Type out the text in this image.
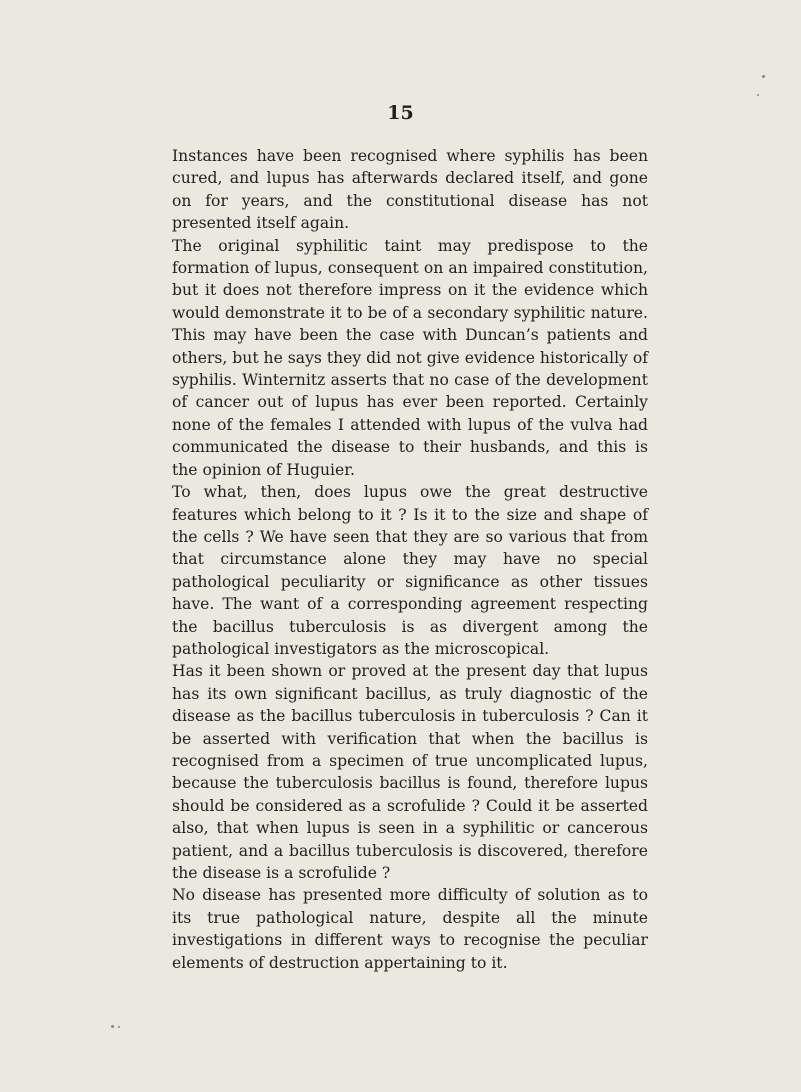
15

Instances have been recognised where syphilis has been cured, and lupus has afterwards declared itself, and gone on for years, and the constitutional disease has not presented itself again.

The original syphilitic taint may predispose to the formation of lupus, consequent on an impaired constitution, but it does not therefore impress on it the evidence which would demonstrate it to be of a secondary syphilitic nature. This may have been the case with Duncan’s patients and others, but he says they did not give evidence historically of syphilis. Winternitz asserts that no case of the development of cancer out of lupus has ever been reported. Certainly none of the females I attended with lupus of the vulva had communicated the disease to their husbands, and this is the opinion of Huguier.

To what, then, does lupus owe the great destructive features which belong to it ? Is it to the size and shape of the cells ? We have seen that they are so various that from that circumstance alone they may have no special pathological peculiarity or significance as other tissues have. The want of a corresponding agreement respecting the bacillus tuberculosis is as divergent among the pathological investigators as the microscopical.

Has it been shown or proved at the present day that lupus has its own significant bacillus, as truly diagnostic of the disease as the bacillus tuberculosis in tuberculosis ? Can it be asserted with verification that when the bacillus is recognised from a specimen of true uncomplicated lupus, because the tuberculosis bacillus is found, therefore lupus should be considered as a scrofulide ? Could it be asserted also, that when lupus is seen in a syphilitic or cancerous patient, and a bacillus tuberculosis is discovered, therefore the disease is a scrofulide ?

No disease has presented more difficulty of solution as to its true pathological nature, despite all the minute investigations in different ways to recognise the peculiar elements of destruction appertaining to it.
